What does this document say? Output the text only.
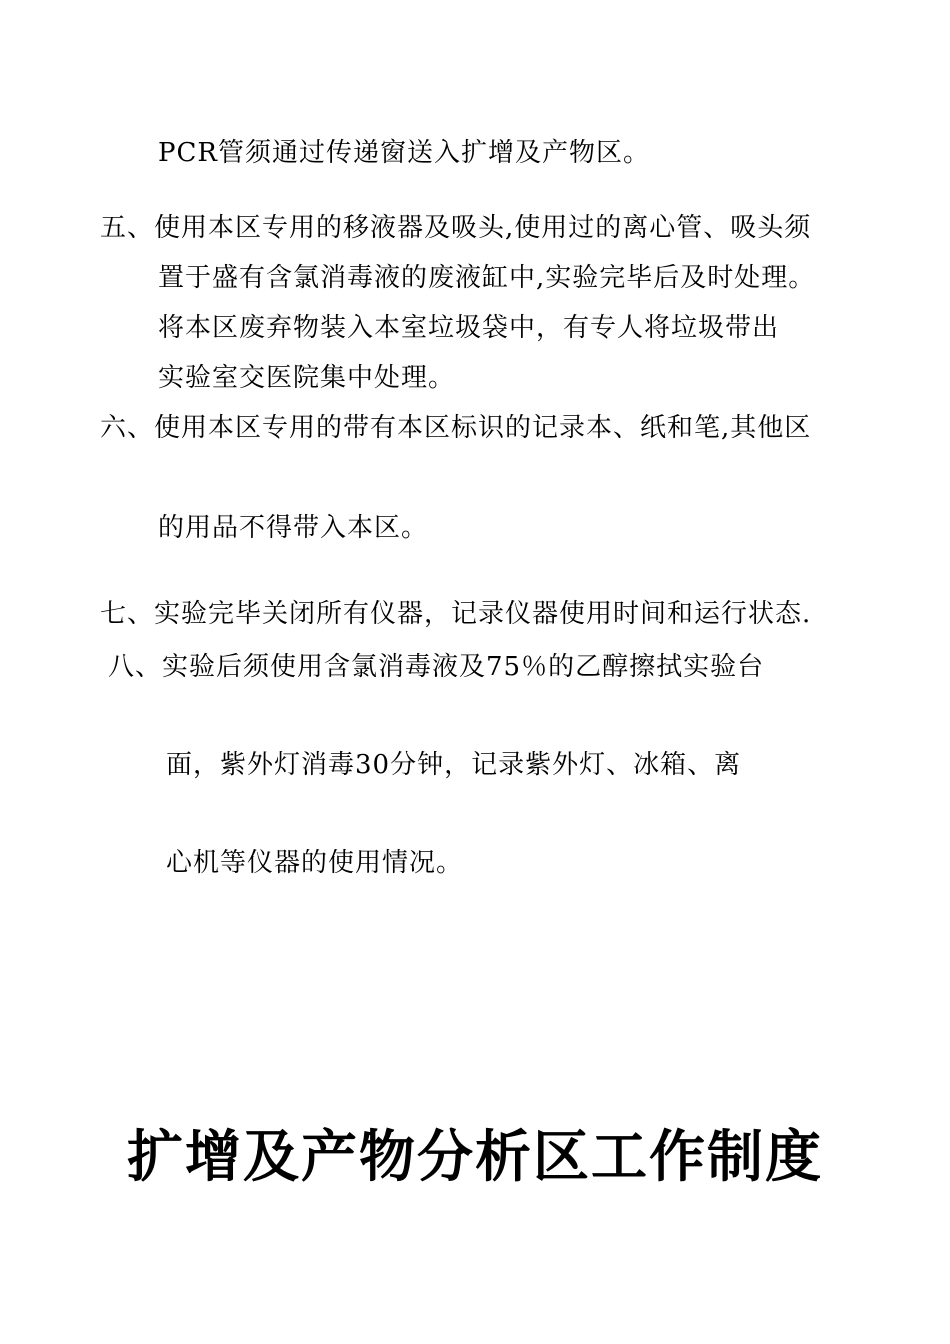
PCR管须通过传递窗送入扩增及产物区。
五、使用本区专用的移液器及吸头,使用过的离心管、吸头须
置于盛有含氯消毒液的废液缸中,实验完毕后及时处理。
将本区废弃物装入本室垃圾袋中，有专人将垃圾带出
实验室交医院集中处理。
六、使用本区专用的带有本区标识的记录本、纸和笔,其他区
的用品不得带入本区。
七、实验完毕关闭所有仪器，记录仪器使用时间和运行状态.
八、实验后须使用含氯消毒液及75％的乙醇擦拭实验台
面，紫外灯消毒30分钟，记录紫外灯、冰箱、离
心机等仪器的使用情况。
扩增及产物分析区工作制度
